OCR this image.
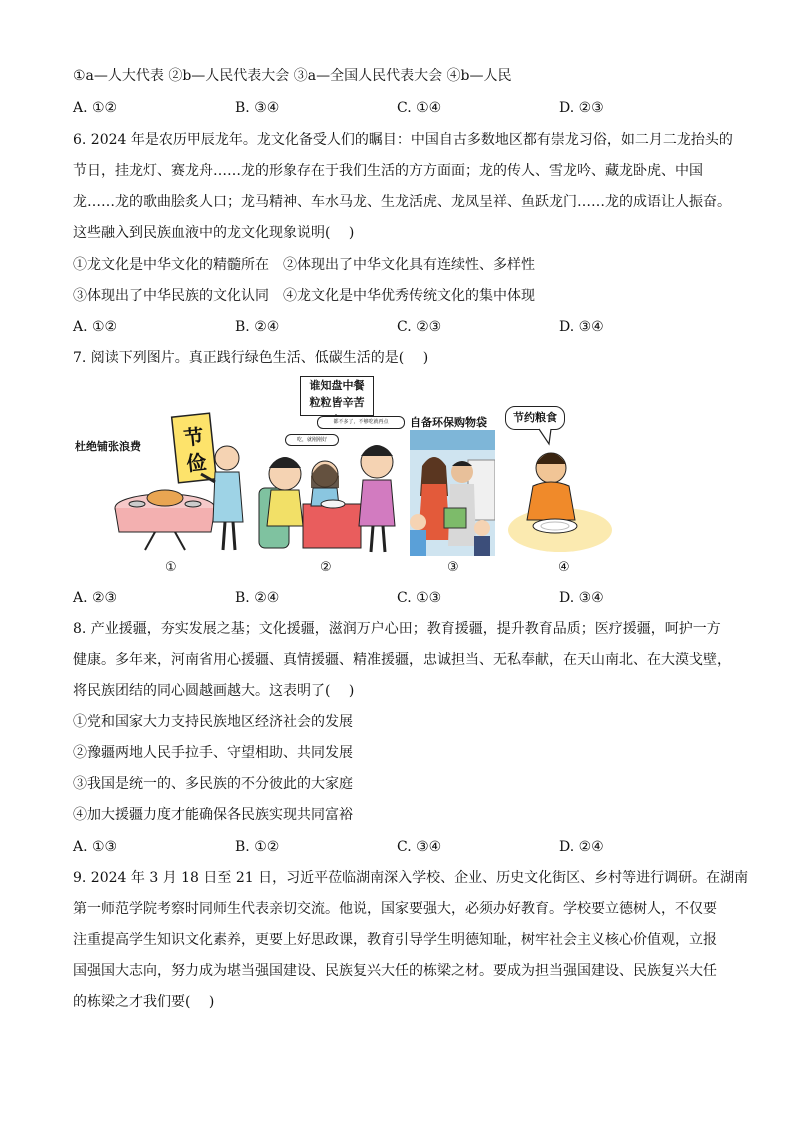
①a—人大代表 ②b—人民代表大会 ③a—全国人民代表大会 ④b—人民
A. ①②	B. ③④	C. ①④	D. ②③
6. 2024 年是农历甲辰龙年。龙文化备受人们的瞩目：中国自古多数地区都有崇龙习俗，如二月二龙抬头的
节日，挂龙灯、赛龙舟……龙的形象存在于我们生活的方方面面；龙的传人、雪龙吟、藏龙卧虎、中国
龙……龙的歌曲脍炙人口；龙马精神、车水马龙、生龙活虎、龙凤呈祥、鱼跃龙门……龙的成语让人振奋。
这些融入到民族血液中的龙文化现象说明(　 )
①龙文化是中华文化的精髓所在　②体现出了中华文化具有连续性、多样性
③体现出了中华民族的文化认同　④龙文化是中华优秀传统文化的集中体现
A. ①②	B. ②④	C. ②③	D. ③④
7. 阅读下列图片。真正践行绿色生活、低碳生活的是(　 )
杜绝铺张浪费	节俭
①
谁知盘中餐
粒粒皆辛苦
都不多了，不够吃就再点
吃，就刚刚好
②
自备环保购物袋
③
节约粮食
④
A. ②③	B. ②④	C. ①③	D. ③④
8. 产业援疆，夯实发展之基；文化援疆，滋润万户心田；教育援疆，提升教育品质；医疗援疆，呵护一方
健康。多年来，河南省用心援疆、真情援疆、精准援疆，忠诚担当、无私奉献，在天山南北、在大漠戈壁，
将民族团结的同心圆越画越大。这表明了(　 )
①党和国家大力支持民族地区经济社会的发展
②豫疆两地人民手拉手、守望相助、共同发展
③我国是统一的、多民族的不分彼此的大家庭
④加大援疆力度才能确保各民族实现共同富裕
A. ①③	B. ①②	C. ③④	D. ②④
9. 2024 年 3 月 18 日至 21 日，习近平莅临湖南深入学校、企业、历史文化街区、乡村等进行调研。在湖南
第一师范学院考察时同师生代表亲切交流。他说，国家要强大，必须办好教育。学校要立德树人，不仅要
注重提高学生知识文化素养，更要上好思政课，教育引导学生明德知耻，树牢社会主义核心价值观，立报
国强国大志向，努力成为堪当强国建设、民族复兴大任的栋梁之材。要成为担当强国建设、民族复兴大任
的栋梁之才我们要(　 )
